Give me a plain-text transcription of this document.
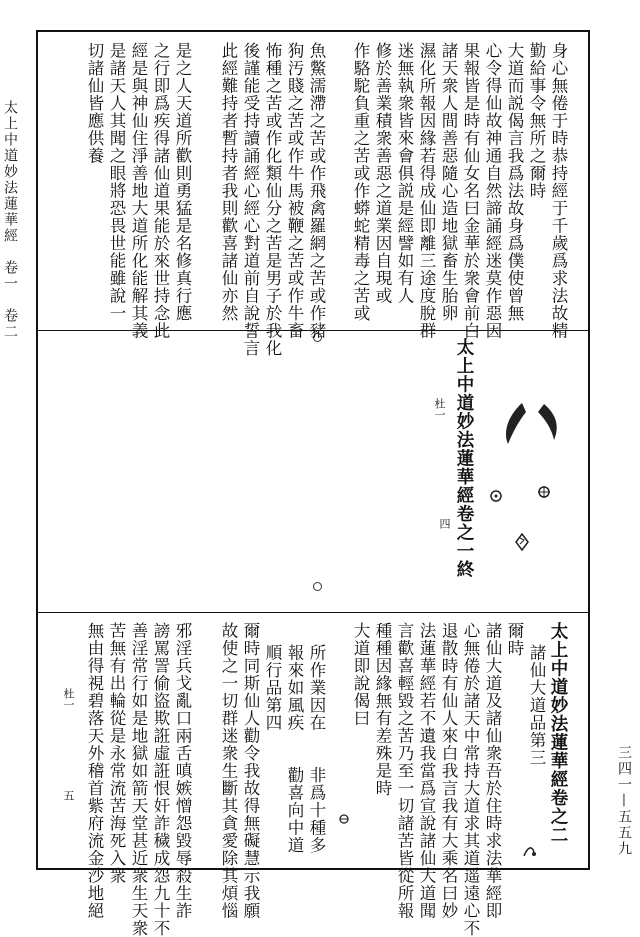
太上中道妙法蓮華經　卷一　卷二
三四一—五五九
身心無倦于時恭持經于千歲爲求法故精
勤給事令無所之爾時
大道而説偈言我爲法故身爲僕使曾無
心令得仙故神通自然諦誦經迷莫作惡因
果報皆是時有仙女名曰金華於衆會前白
諸天衆人間善惡隨心造地獄畜生胎卵
濕化所報因緣若得成仙即離三途度脫群
迷無執衆皆來會俱説是經譬如有人
修於善業積衆善惡之道業因自現或
作駱駝負重之苦或作蟒蛇精毒之苦或
魚鱉濡滯之苦或作飛禽羅網之苦或作豬
狗汚賤之苦或作牛馬被鞭之苦或作牛畜
怖種之苦或作化類仙分之苦是男子於我化
後謹能受持讀誦經心經心對道前自說誓言
此經難持者暫持者我則歡喜諸仙亦然
是之人天道所歡則勇猛是名修真行應
之行即爲疾得諸仙道果能於來世持念此
經是與神仙住淨善地大道所化能解其義
是諸天人其聞之眼將恐畏世能雖說一
切諸仙皆應供養
太上中道妙法蓮華經卷之一終
杜一
四
太上中道妙法蓮華經卷之二
諸仙大道品第三
爾時
諸仙大道及諸仙衆吾於住時求法華經即
心無倦於諸天中常持大道求其道遥遠心不
退散時有仙人來白我言我有大乘名曰妙
法蓮華經若不遺我當爲宣說諸仙大道聞
言歡喜輕毀之苦乃至一切諸苦皆從所報
種種因緣無有差殊是時
大道即說偈曰
所作業因在　　非爲十種多
報來如風疾　　勸喜向中道
順行品第四
爾時同斯仙人勸令我故得無礙慧示我願
故使之一切群迷衆生斷其貪愛除其煩惱
邪淫兵戈亂口兩舌嗔嫉憎怨毀辱殺生詐
謗罵詈偷盜欺誑虛誑恨奸詐穢成怨九十不
善淫常行如是地獄如箭天堂甚近衆生天衆
苦無有出輪從是永常流苦海死入衆
無由得視碧落天外稽首紫府流金沙地絕
杜一
五
